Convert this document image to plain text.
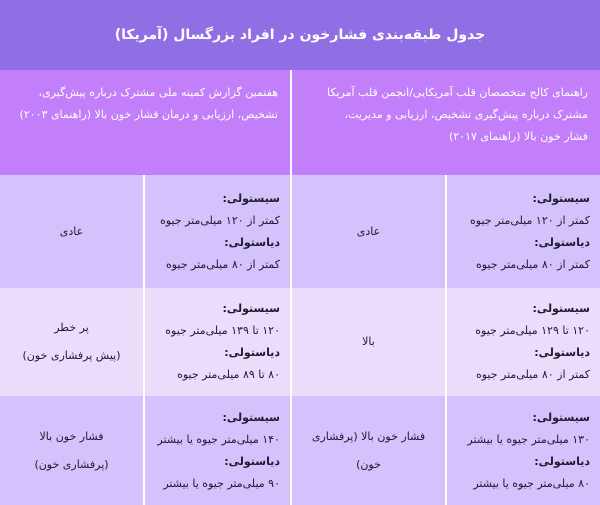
جدول طبقه‌بندی فشارخون در افراد بزرگسال (آمریکا)
راهنمای کالج متخصصان قلب آمریکایی/انجمن قلب آمریکا
مشترک درباره پیش‌گیری تشخیص، ارزیابی و مدیریت،
فشار خون بالا (راهنمای ۲۰۱۷)
هفتمین گزارش کمیته ملی مشترک درباره پیش‌گیری،
تشخیص، ارزیابی و درمان فشار خون بالا (راهنمای ۲۰۰۳)
سیستولی:
کمتر از ۱۲۰ میلی‌متر جیوه
دیاستولی:
کمتر از ۸۰ میلی‌متر جیوه
عادی
سیستولی:
کمتر از ۱۲۰ میلی‌متر جیوه
دیاستولی:
کمتر از ۸۰ میلی‌متر جیوه
عادی
سیستولی:
۱۲۰ تا ۱۲۹ میلی‌متر جیوه
دیاستولی:
کمتر از ۸۰ میلی‌متر جیوه
بالا
سیستولی:
۱۲۰ تا ۱۳۹ میلی‌متر جیوه
دیاستولی:
۸۰ تا ۸۹ میلی‌متر جیوه
پر خطر
(پیش پرفشاری خون)
سیستولی:
۱۳۰ میلی‌متر جیوه یا بیشتر
دیاستولی:
۸۰ میلی‌متر جیوه یا بیشتر
فشار خون بالا (پرفشاری خون)
سیستولی:
۱۴۰ میلی‌متر جیوه یا بیشتر
دیاستولی:
۹۰ میلی‌متر جیوه یا بیشتر
فشار خون بالا
(پرفشاری خون)
